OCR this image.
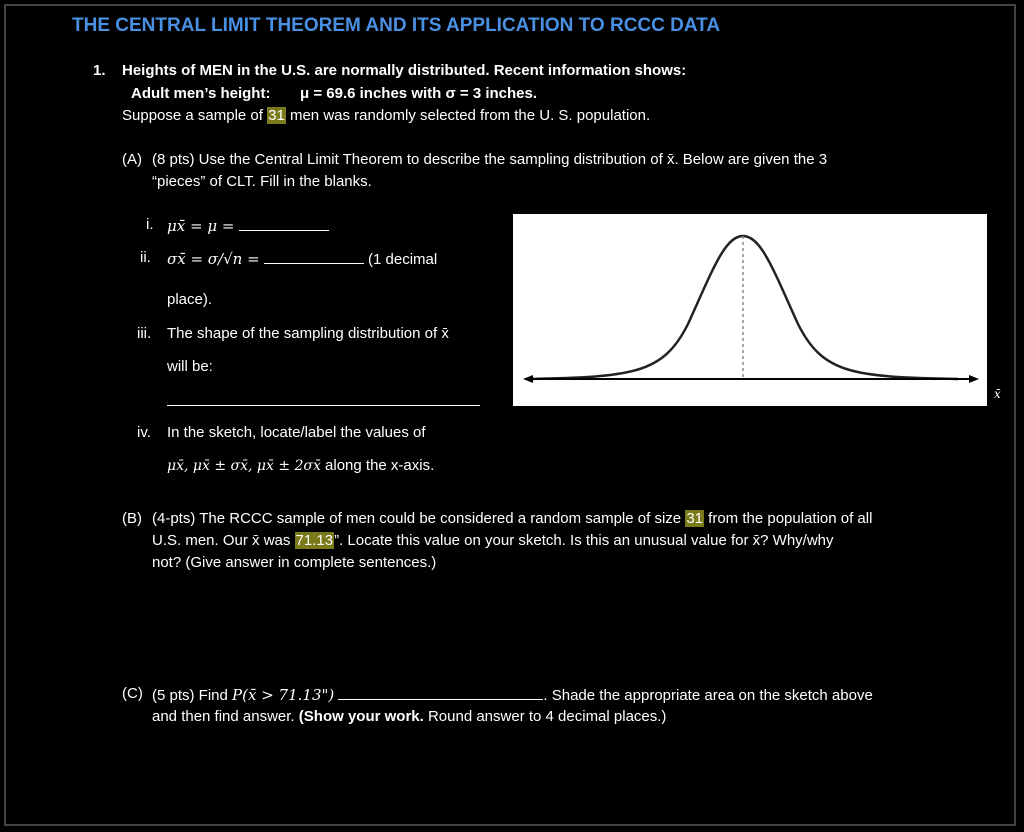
THE CENTRAL LIMIT THEOREM AND ITS APPLICATION TO RCCC DATA
1. Heights of MEN in the U.S. are normally distributed. Recent information shows:
Adult men’s height: μ = 69.6 inches with σ = 3 inches.
Suppose a sample of 31 men was randomly selected from the U. S. population.
(A) (8 pts) Use the Central Limit Theorem to describe the sampling distribution of x̄. Below are given the 3
“pieces” of CLT. Fill in the blanks.
i. μx̄ = μ =
ii. σx̄ = σ/√n =	(1 decimal
place).
iii. The shape of the sampling distribution of x̄
will be:
iv. In the sketch, locate/label the values of
μx̄, μx̄ ± σx̄, μx̄ ± 2σx̄ along the x-axis.
x̄
(B) (4-pts) The RCCC sample of men could be considered a random sample of size 31 from the population of all
U.S. men. Our x̄ was 71.13”. Locate this value on your sketch. Is this an unusual value for x̄? Why/why
not? (Give answer in complete sentences.)
(C) (5 pts) Find P(x̄ > 71.13")	. Shade the appropriate area on the sketch above
and then find answer. (Show your work. Round answer to 4 decimal places.)
